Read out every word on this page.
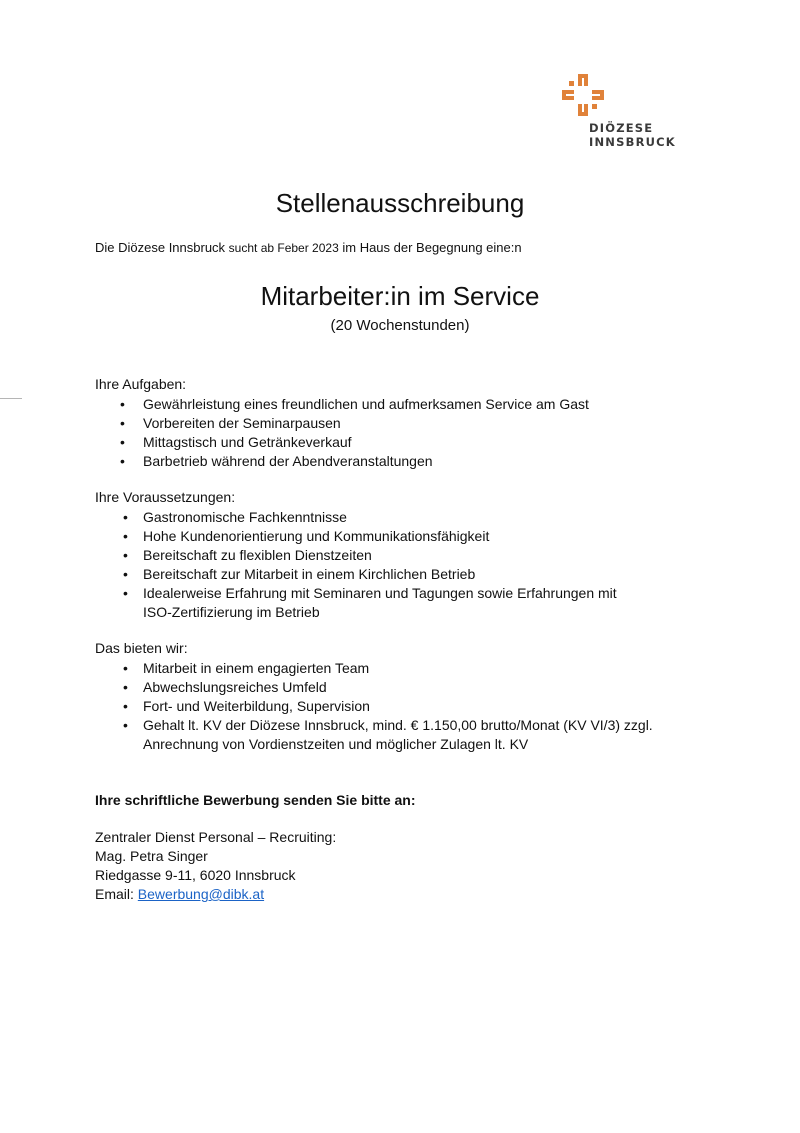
DIÖZESE
INNSBRUCK
Stellenausschreibung
Die Diözese Innsbruck sucht ab Feber 2023 im Haus der Begegnung eine:n
Mitarbeiter:in im Service
(20 Wochenstunden)
Ihre Aufgaben:
• Gewährleistung eines freundlichen und aufmerksamen Service am Gast
• Vorbereiten der Seminarpausen
• Mittagstisch und Getränkeverkauf
• Barbetrieb während der Abendveranstaltungen
Ihre Voraussetzungen:
• Gastronomische Fachkenntnisse
• Hohe Kundenorientierung und Kommunikationsfähigkeit
• Bereitschaft zu flexiblen Dienstzeiten
• Bereitschaft zur Mitarbeit in einem Kirchlichen Betrieb
• Idealerweise Erfahrung mit Seminaren und Tagungen sowie Erfahrungen mit
ISO-Zertifizierung im Betrieb
Das bieten wir:
• Mitarbeit in einem engagierten Team
• Abwechslungsreiches Umfeld
• Fort- und Weiterbildung, Supervision
• Gehalt lt. KV der Diözese Innsbruck, mind. € 1.150,00 brutto/Monat (KV VI/3) zzgl.
Anrechnung von Vordienstzeiten und möglicher Zulagen lt. KV
Ihre schriftliche Bewerbung senden Sie bitte an:
Zentraler Dienst Personal – Recruiting:
Mag. Petra Singer
Riedgasse 9-11, 6020 Innsbruck
Email: Bewerbung@dibk.at
